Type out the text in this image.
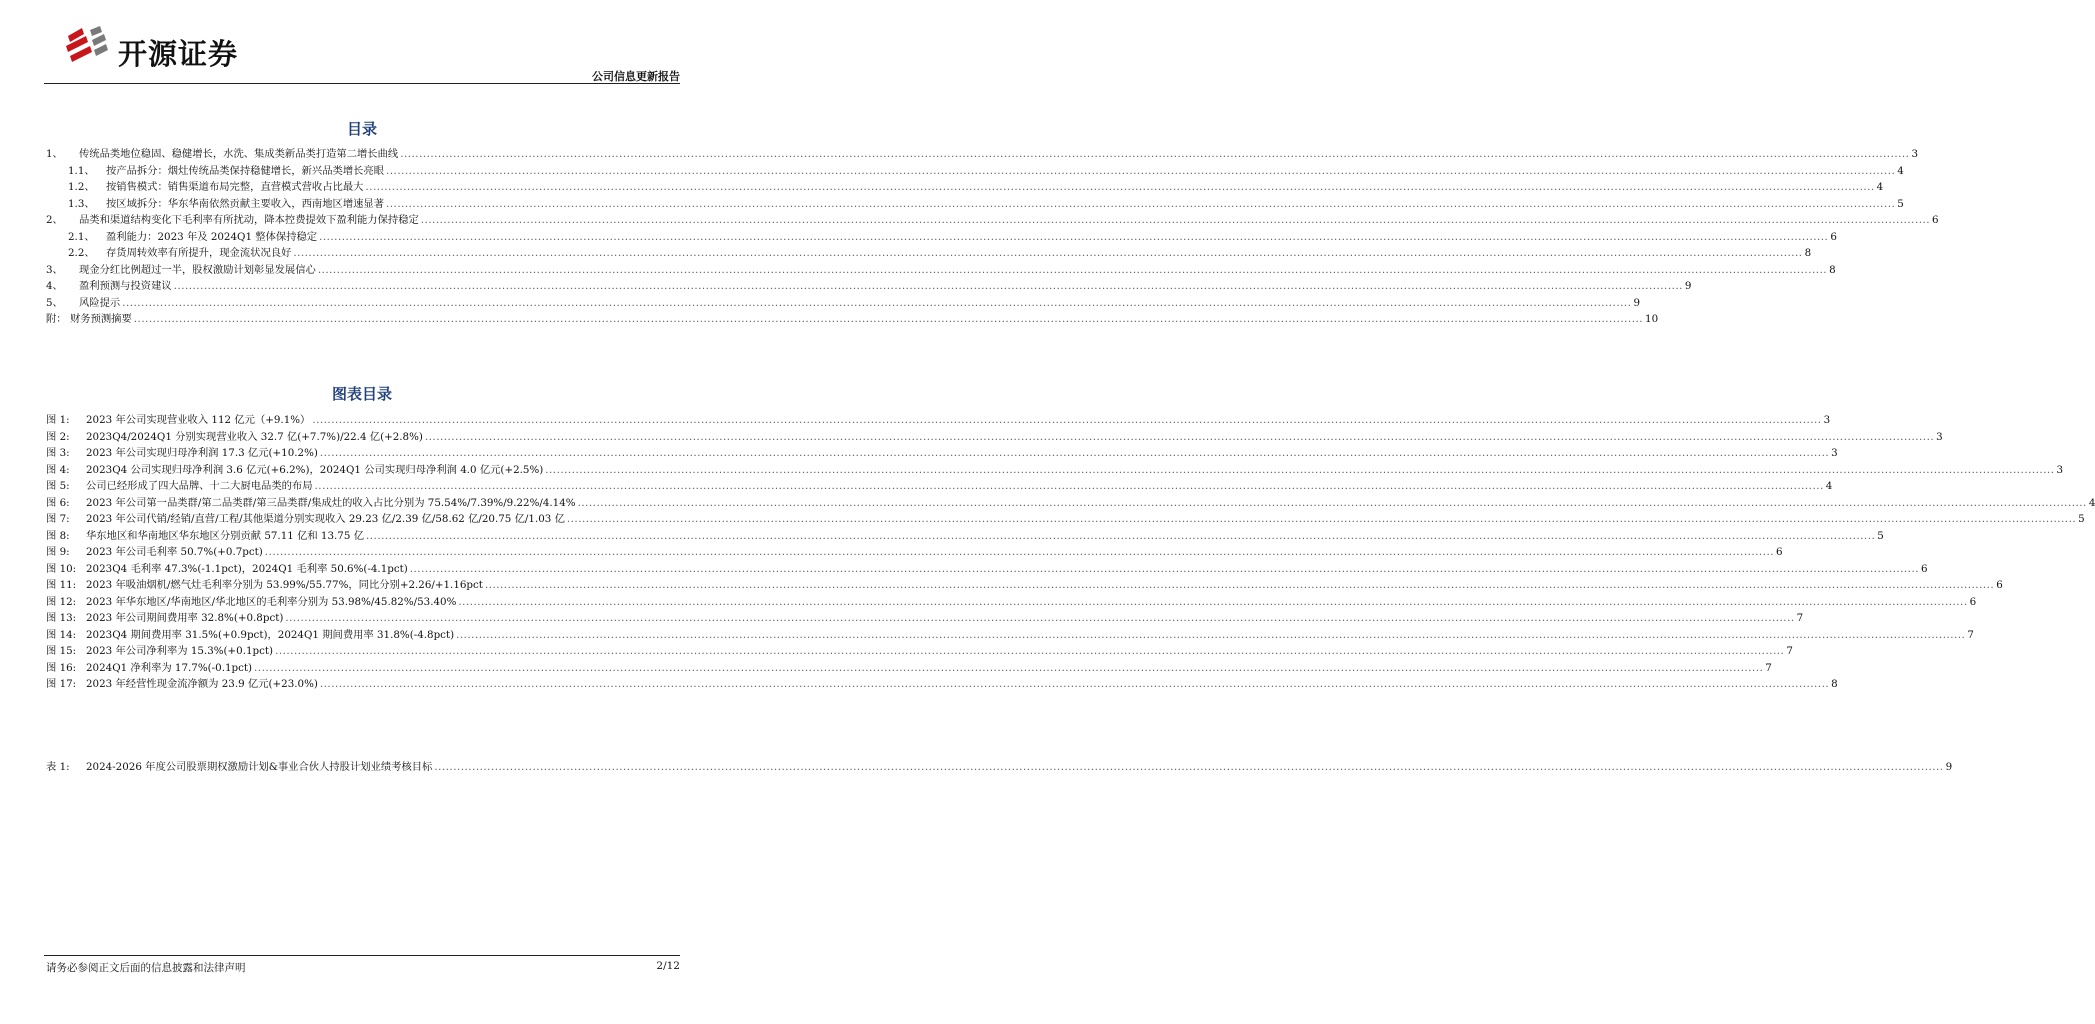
开源证券
公司信息更新报告
目录
1、 传统品类地位稳固、稳健增长，水洗、集成类新品类打造第二增长曲线 ................................................................................................................................................................................................................................................................................................................................................................................................................ 3
1.1、 按产品拆分：烟灶传统品类保持稳健增长，新兴品类增长亮眼 ................................................................................................................................................................................................................................................................................................................................................................................................................ 4
1.2、 按销售模式：销售渠道布局完整，直营模式营收占比最大 ................................................................................................................................................................................................................................................................................................................................................................................................................ 4
1.3、 按区域拆分：华东华南依然贡献主要收入，西南地区增速显著 ................................................................................................................................................................................................................................................................................................................................................................................................................ 5
2、 品类和渠道结构变化下毛利率有所扰动，降本控费提效下盈利能力保持稳定 ................................................................................................................................................................................................................................................................................................................................................................................................................ 6
2.1、 盈利能力：2023 年及 2024Q1 整体保持稳定 ................................................................................................................................................................................................................................................................................................................................................................................................................ 6
2.2、 存货周转效率有所提升，现金流状况良好 ................................................................................................................................................................................................................................................................................................................................................................................................................ 8
3、 现金分红比例超过一半，股权激励计划彰显发展信心 ................................................................................................................................................................................................................................................................................................................................................................................................................ 8
4、 盈利预测与投资建议 ................................................................................................................................................................................................................................................................................................................................................................................................................ 9
5、 风险提示 ................................................................................................................................................................................................................................................................................................................................................................................................................ 9
附： 财务预测摘要 ................................................................................................................................................................................................................................................................................................................................................................................................................ 10
图表目录
图 1: 2023 年公司实现营业收入 112 亿元（+9.1%） ................................................................................................................................................................................................................................................................................................................................................................................................................ 3
图 2: 2023Q4/2024Q1 分别实现营业收入 32.7 亿(+7.7%)/22.4 亿(+2.8%) ................................................................................................................................................................................................................................................................................................................................................................................................................ 3
图 3: 2023 年公司实现归母净利润 17.3 亿元(+10.2%) ................................................................................................................................................................................................................................................................................................................................................................................................................ 3
图 4: 2023Q4 公司实现归母净利润 3.6 亿元(+6.2%)，2024Q1 公司实现归母净利润 4.0 亿元(+2.5%) ................................................................................................................................................................................................................................................................................................................................................................................................................ 3
图 5: 公司已经形成了四大品牌、十二大厨电品类的布局 ................................................................................................................................................................................................................................................................................................................................................................................................................ 4
图 6: 2023 年公司第一品类群/第二品类群/第三品类群/集成灶的收入占比分别为 75.54%/7.39%/9.22%/4.14% ................................................................................................................................................................................................................................................................................................................................................................................................................ 4
图 7: 2023 年公司代销/经销/直营/工程/其他渠道分别实现收入 29.23 亿/2.39 亿/58.62 亿/20.75 亿/1.03 亿 ................................................................................................................................................................................................................................................................................................................................................................................................................ 5
图 8: 华东地区和华南地区华东地区分别贡献 57.11 亿和 13.75 亿 ................................................................................................................................................................................................................................................................................................................................................................................................................ 5
图 9: 2023 年公司毛利率 50.7%(+0.7pct) ................................................................................................................................................................................................................................................................................................................................................................................................................ 6
图 10: 2023Q4 毛利率 47.3%(-1.1pct)，2024Q1 毛利率 50.6%(-4.1pct) ................................................................................................................................................................................................................................................................................................................................................................................................................ 6
图 11: 2023 年吸油烟机/燃气灶毛利率分别为 53.99%/55.77%，同比分别+2.26/+1.16pct ................................................................................................................................................................................................................................................................................................................................................................................................................ 6
图 12: 2023 年华东地区/华南地区/华北地区的毛利率分别为 53.98%/45.82%/53.40% ................................................................................................................................................................................................................................................................................................................................................................................................................ 6
图 13: 2023 年公司期间费用率 32.8%(+0.8pct) ................................................................................................................................................................................................................................................................................................................................................................................................................ 7
图 14: 2023Q4 期间费用率 31.5%(+0.9pct)，2024Q1 期间费用率 31.8%(-4.8pct) ................................................................................................................................................................................................................................................................................................................................................................................................................ 7
图 15: 2023 年公司净利率为 15.3%(+0.1pct) ................................................................................................................................................................................................................................................................................................................................................................................................................ 7
图 16: 2024Q1 净利率为 17.7%(-0.1pct) ................................................................................................................................................................................................................................................................................................................................................................................................................ 7
图 17: 2023 年经营性现金流净额为 23.9 亿元(+23.0%) ................................................................................................................................................................................................................................................................................................................................................................................................................ 8
表 1: 2024-2026 年度公司股票期权激励计划&事业合伙人持股计划业绩考核目标 ................................................................................................................................................................................................................................................................................................................................................................................................................ 9
请务必参阅正文后面的信息披露和法律声明	2/12
